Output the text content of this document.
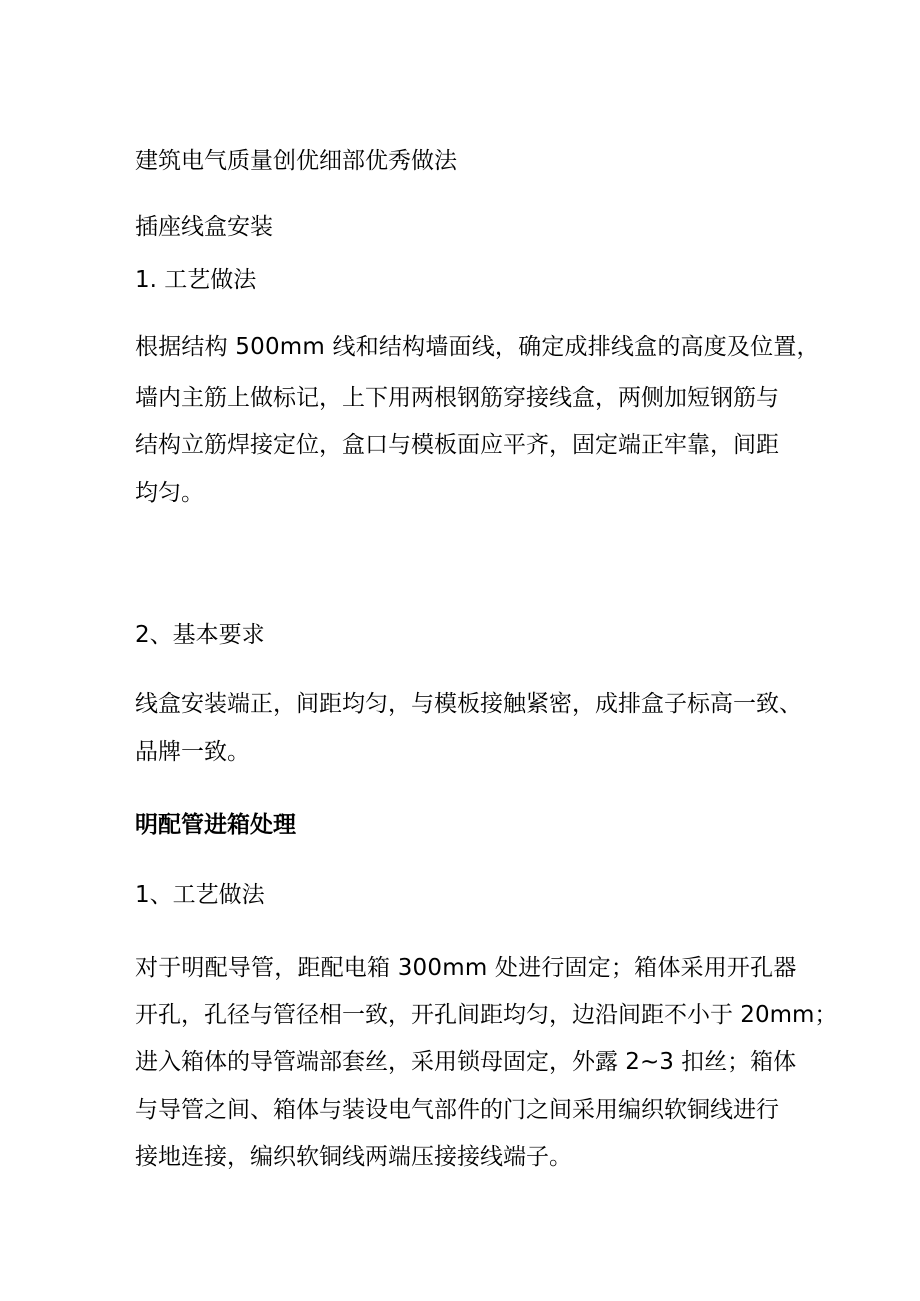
建筑电气质量创优细部优秀做法
插座线盒安装
1. 工艺做法
根据结构 500mm 线和结构墙面线，确定成排线盒的高度及位置，
墙内主筋上做标记，上下用两根钢筋穿接线盒，两侧加短钢筋与
结构立筋焊接定位，盒口与模板面应平齐，固定端正牢靠，间距
均匀。
2、基本要求
线盒安装端正，间距均匀，与模板接触紧密，成排盒子标高一致、
品牌一致。
明配管进箱处理
1、工艺做法
对于明配导管，距配电箱 300mm 处进行固定；箱体采用开孔器
开孔，孔径与管径相一致，开孔间距均匀，边沿间距不小于 20mm；
进入箱体的导管端部套丝，采用锁母固定，外露 2~3 扣丝；箱体
与导管之间、箱体与装设电气部件的门之间采用编织软铜线进行
接地连接，编织软铜线两端压接接线端子。
